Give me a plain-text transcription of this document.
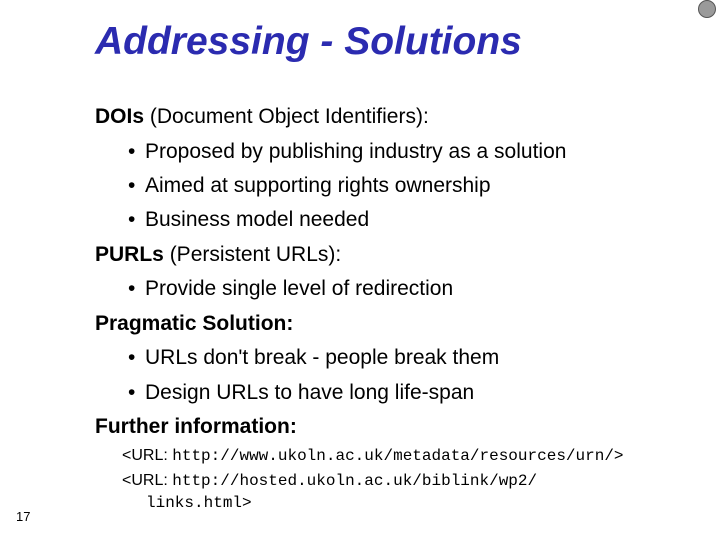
Addressing - Solutions
DOIs (Document Object Identifiers):
• Proposed by publishing industry as a solution
• Aimed at supporting rights ownership
• Business model needed
PURLs (Persistent URLs):
• Provide single level of redirection
Pragmatic Solution:
• URLs don't break - people break them
• Design URLs to have long life-span
Further information:
<URL: http://www.ukoln.ac.uk/metadata/resources/urn/>
<URL: http://hosted.ukoln.ac.uk/biblink/wp2/
links.html>
17
